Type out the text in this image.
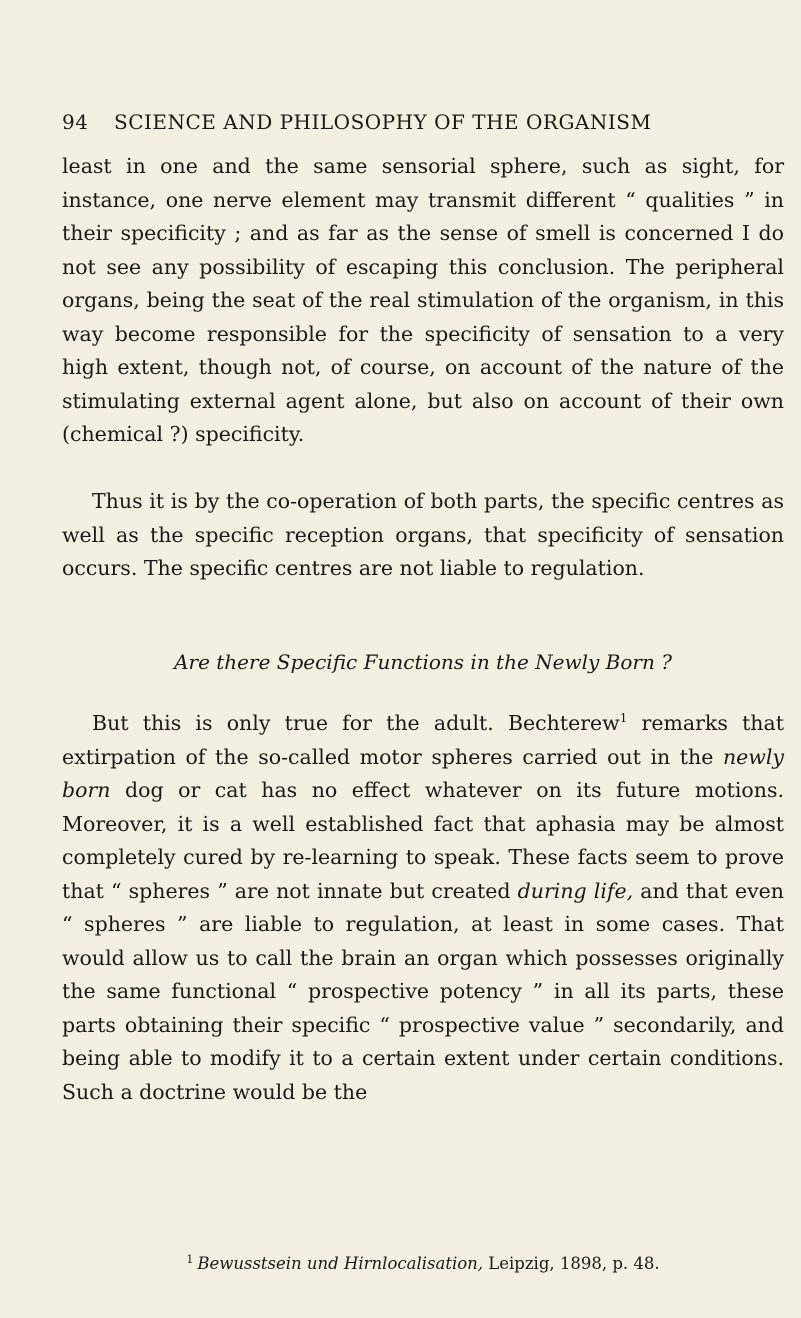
94 SCIENCE AND PHILOSOPHY OF THE ORGANISM

least in one and the same sensorial sphere, such as sight, for instance, one nerve element may transmit different “ qualities ” in their specificity ; and as far as the sense of smell is concerned I do not see any possibility of escaping this conclusion. The peripheral organs, being the seat of the real stimulation of the organism, in this way become responsible for the specificity of sensation to a very high extent, though not, of course, on account of the nature of the stimulating external agent alone, but also on account of their own (chemical ?) specificity.

Thus it is by the co-operation of both parts, the specific centres as well as the specific reception organs, that specificity of sensation occurs. The specific centres are not liable to regulation.

Are there Specific Functions in the Newly Born ?

But this is only true for the adult. Bechterew$^1$ remarks that extirpation of the so-called motor spheres carried out in the newly born dog or cat has no effect whatever on its future motions. Moreover, it is a well established fact that aphasia may be almost completely cured by re-learning to speak. These facts seem to prove that “ spheres ” are not innate but created during life, and that even “ spheres ” are liable to regulation, at least in some cases. That would allow us to call the brain an organ which possesses originally the same functional “ prospective potency ” in all its parts, these parts obtaining their specific “ prospective value ” secondarily, and being able to modify it to a certain extent under certain conditions. Such a doctrine would be the

$^1$ Bewusstsein und Hirnlocalisation, Leipzig, 1898, p. 48.
